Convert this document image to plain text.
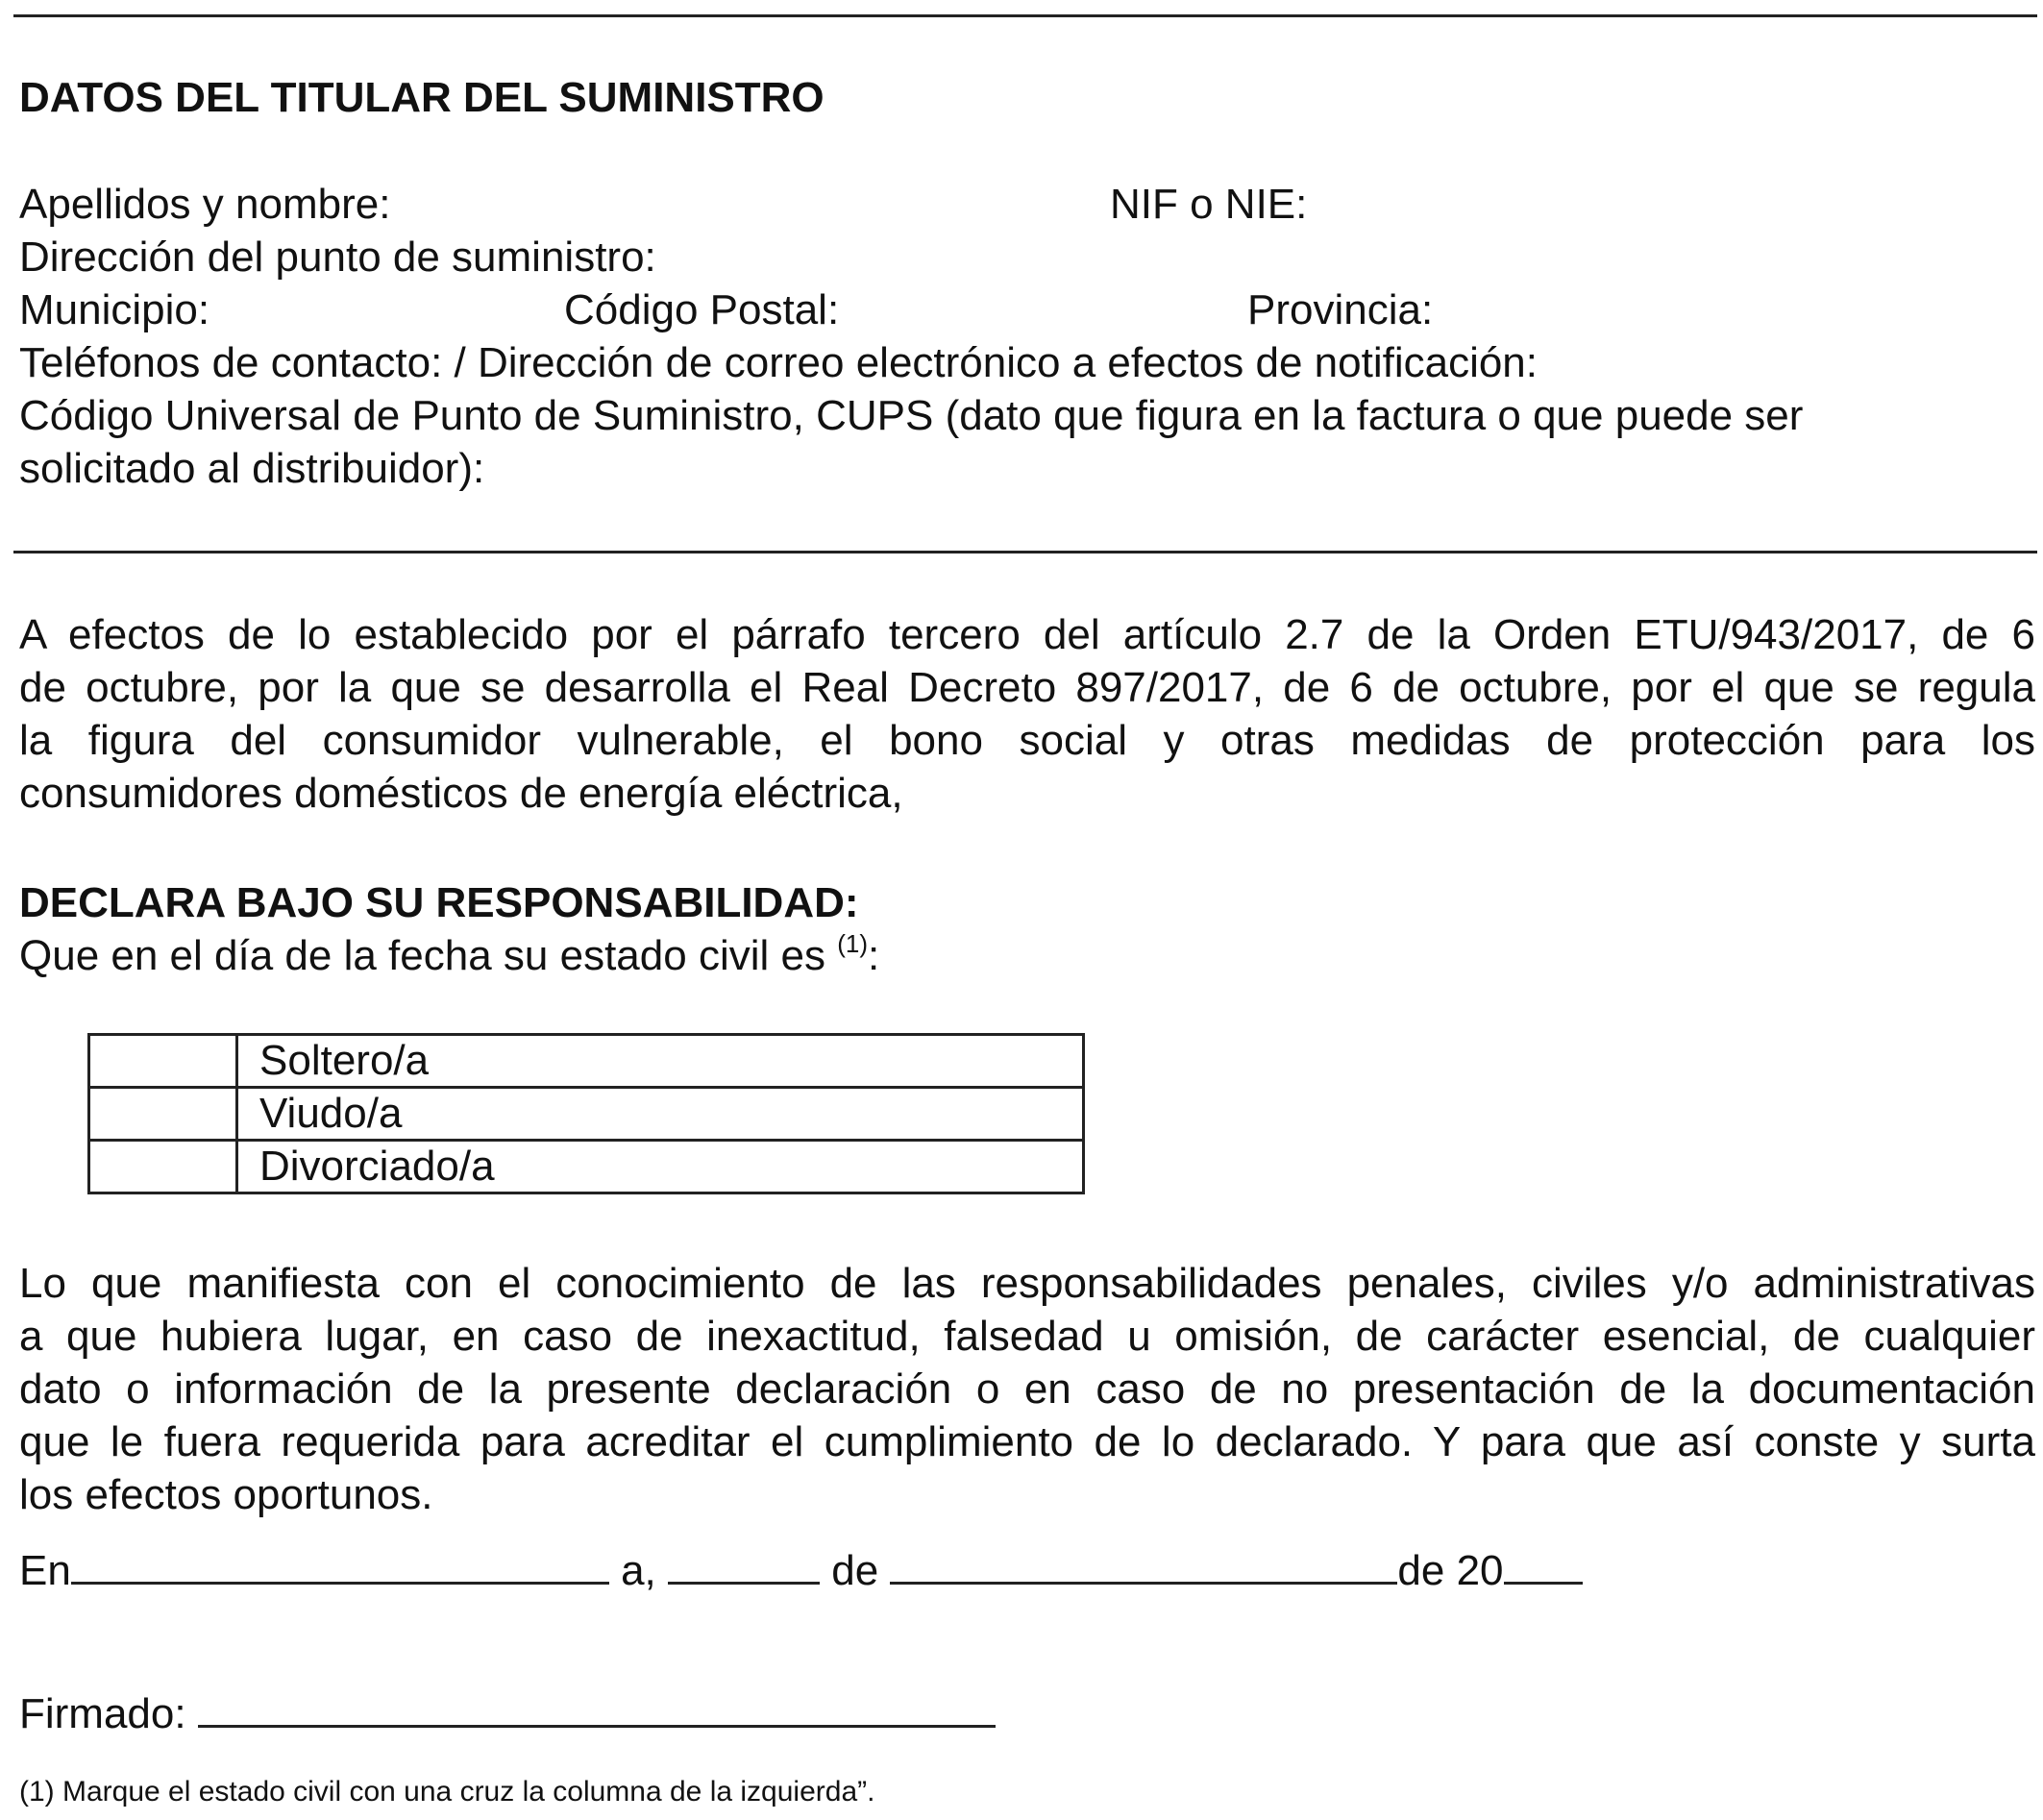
DATOS DEL TITULAR DEL SUMINISTRO
Apellidos y nombre:	NIF o NIE:
Dirección del punto de suministro:
Municipio:	Código Postal:	Provincia:
Teléfonos de contacto: / Dirección de correo electrónico a efectos de notificación:
Código Universal de Punto de Suministro, CUPS (dato que figura en la factura o que puede ser
solicitado al distribuidor):
A efectos de lo establecido por el párrafo tercero del artículo 2.7 de la Orden ETU/943/2017, de 6
de octubre, por la que se desarrolla el Real Decreto 897/2017, de 6 de octubre, por el que se regula
la figura del consumidor vulnerable, el bono social y otras medidas de protección para los
consumidores domésticos de energía eléctrica,
DECLARA BAJO SU RESPONSABILIDAD:
Que en el día de la fecha su estado civil es $^{(1)}$:
	Soltero/a
	Viudo/a
	Divorciado/a
Lo que manifiesta con el conocimiento de las responsabilidades penales, civiles y/o administrativas
a que hubiera lugar, en caso de inexactitud, falsedad u omisión, de carácter esencial, de cualquier
dato o información de la presente declaración o en caso de no presentación de la documentación
que le fuera requerida para acreditar el cumplimiento de lo declarado. Y para que así conste y surta
los efectos oportunos.
En	a,	de	de 20
Firmado:
(1) Marque el estado civil con una cruz la columna de la izquierda”.
